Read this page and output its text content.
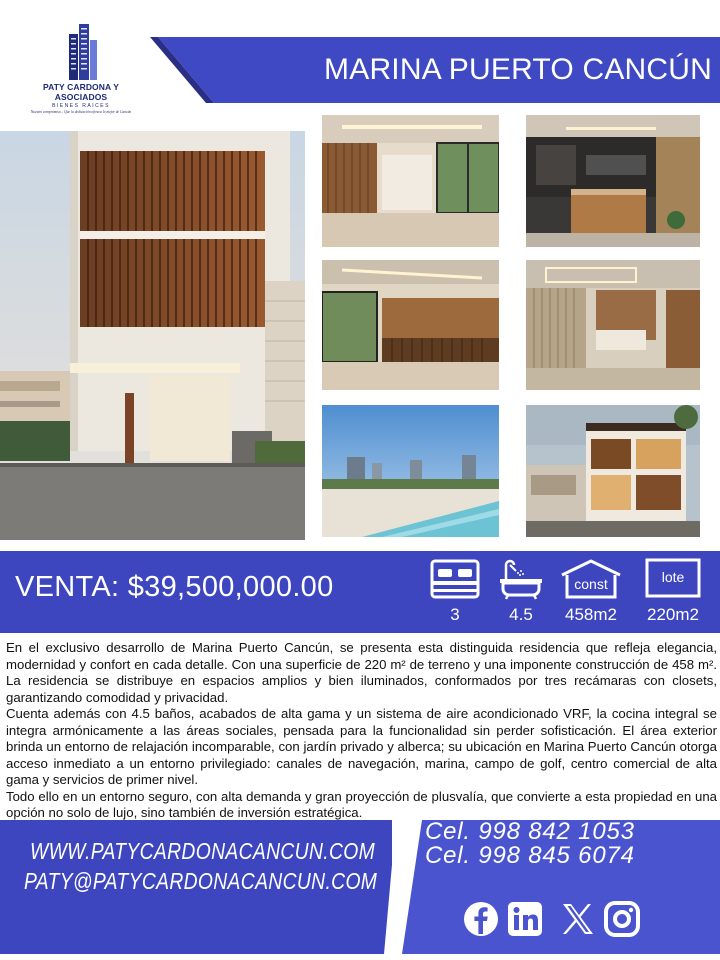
PATY CARDONA Y ASOCIADOS
BIENES RAICES
Nuestro compromiso... Que la dedicación ofrezca lo mejor de Cancún
MARINA PUERTO CANCÚN
VENTA: $39,500,000.00
3	4.5
const
458m2
lote
220m2

En el exclusivo desarrollo de Marina Puerto Cancún, se presenta esta distinguida residencia que refleja elegancia, modernidad y confort en cada detalle. Con una superficie de 220 m² de terreno y una imponente construcción de 458 m². La residencia se distribuye en espacios amplios y bien iluminados, conformados por tres recámaras con closets, garantizando comodidad y privacidad.

Cuenta además con 4.5 baños, acabados de alta gama y un sistema de aire acondicionado VRF, la cocina integral se integra armónicamente a las áreas sociales, pensada para la funcionalidad sin perder sofisticación. El área exterior brinda un entorno de relajación incomparable, con jardín privado y alberca; su ubicación en Marina Puerto Cancún otorga acceso inmediato a un entorno privilegiado: canales de navegación, marina, campo de golf, centro comercial de alta gama y servicios de primer nivel.

Todo ello en un entorno seguro, con alta demanda y gran proyección de plusvalía, que convierte a esta propiedad en una opción no solo de lujo, sino también de inversión estratégica.

WWW.PATYCARDONACANCUN.COM
PATY@PATYCARDONACANCUN.COM
Cel. 998 842 1053
Cel. 998 845 6074
